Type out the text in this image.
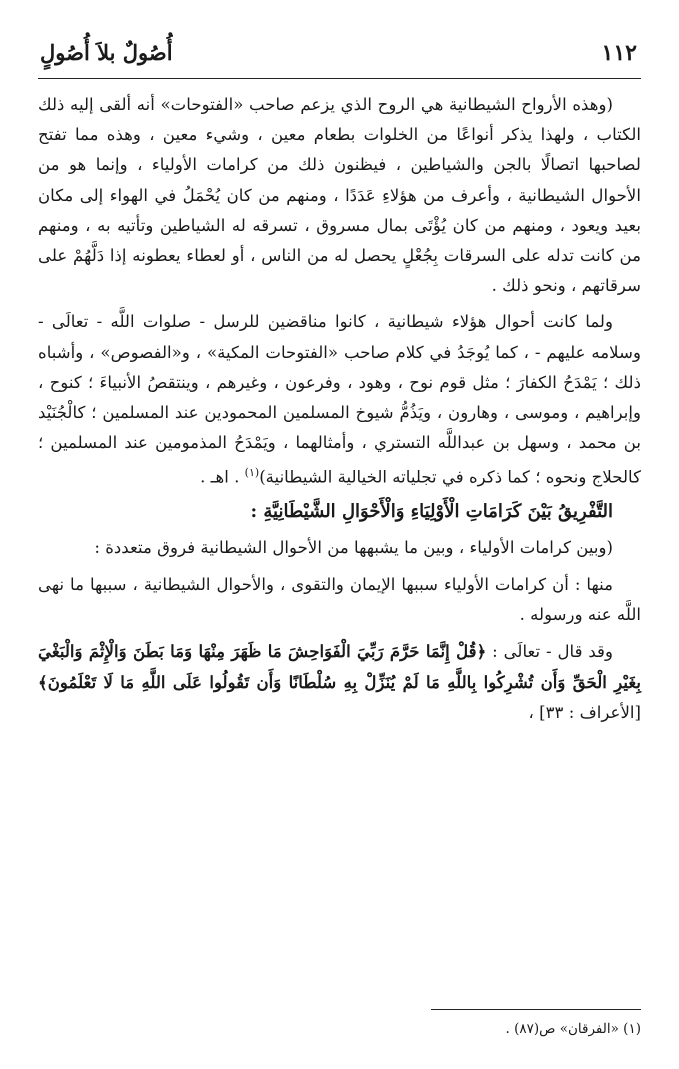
١١٢
أُصُولٌ بلاَ أُصُولٍ

(وهذه الأرواح الشيطانية هي الروح الذي يزعم صاحب «الفتوحات» أنه ألقى إليه ذلك الكتاب ، ولهذا يذكر أنواعًا من الخلوات بطعام معين ، وشيء معين ، وهذه مما تفتح لصاحبها اتصالًا بالجن والشياطين ، فيظنون ذلك من كرامات الأولياء ، وإنما هو من الأحوال الشيطانية ، وأعرف من هؤلاءِ عَدَدًا ، ومنهم من كان يُحْمَلُ في الهواء إلى مكان بعيد ويعود ، ومنهم من كان يُؤْتَى بمال مسروق ، تسرقه له الشياطين وتأتيه به ، ومنهم من كانت تدله على السرقات بِجُعْلٍ يحصل له من الناس ، أو لعطاء يعطونه إذا دَلَّهُمْ على سرقاتهم ، ونحو ذلك .

ولما كانت أحوال هؤلاء شيطانية ، كانوا مناقضين للرسل - صلوات اللَّه - تعالَى - وسلامه عليهم - ، كما يُوجَدُ في كلام صاحب «الفتوحات المكية» ، و«الفصوص» ، وأشباه ذلك ؛ يَمْدَحُ الكفارَ ؛ مثل قوم نوح ، وهود ، وفرعون ، وغيرهم ، وينتقصُ الأنبياءَ ؛ كنوح ، وإبراهيم ، وموسى ، وهارون ، ويَذُمُّ شيوخ المسلمين المحمودين عند المسلمين ؛ كالْجُنَيْد بن محمد ، وسهل بن عبداللَّه التستري ، وأمثالهما ، ويَمْدَحُ المذمومين عند المسلمين ؛ كالحلاج ونحوه ؛ كما ذكره في تجلياته الخيالية الشيطانية)$^{(١)}$ . اهـ .

التَّفْرِيقُ بَيْنَ كَرَامَاتِ الْأَوْلِيَاءِ وَالْأَحْوَالِ الشَّيْطَانِيَّةِ :

(وبين كرامات الأولياء ، وبين ما يشبهها من الأحوال الشيطانية فروق متعددة :

منها : أن كرامات الأولياء سببها الإيمان والتقوى ، والأحوال الشيطانية ، سببها ما نهى اللَّه عنه ورسوله .

وقد قال - تعالَى : ﴿قُلْ إِنَّمَا حَرَّمَ رَبِّيَ الْفَوَاحِشَ مَا ظَهَرَ مِنْهَا وَمَا بَطَنَ وَالْإِثْمَ وَالْبَغْيَ بِغَيْرِ الْحَقِّ وَأَن تُشْرِكُوا بِاللَّهِ مَا لَمْ يُنَزِّلْ بِهِ سُلْطَانًا وَأَن تَقُولُوا عَلَى اللَّهِ مَا لَا تَعْلَمُونَ﴾ [الأعراف : ٣٣] ،

(١) «الفرقان» ص(٨٧) .
